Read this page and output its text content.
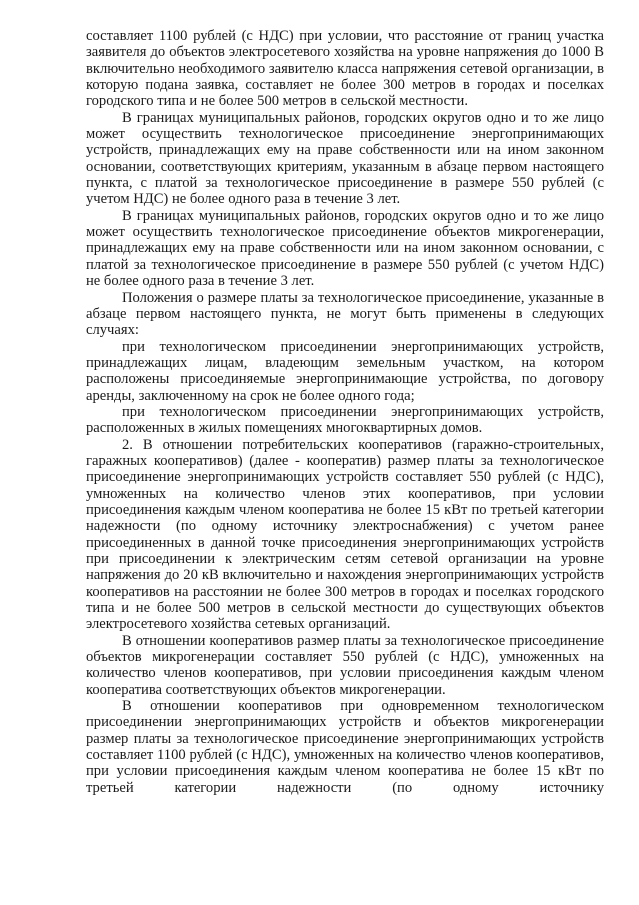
составляет 1100 рублей (с НДС) при условии, что расстояние от границ участка заявителя до объектов электросетевого хозяйства на уровне напряжения до 1000 В включительно необходимого заявителю класса напряжения сетевой организации, в которую подана заявка, составляет не более 300 метров в городах и поселках городского типа и не более 500 метров в сельской местности.

В границах муниципальных районов, городских округов одно и то же лицо может осуществить технологическое присоединение энергопринимающих устройств, принадлежащих ему на праве собственности или на ином законном основании, соответствующих критериям, указанным в абзаце первом настоящего пункта, с платой за технологическое присоединение в размере 550 рублей (с учетом НДС) не более одного раза в течение 3 лет.

В границах муниципальных районов, городских округов одно и то же лицо может осуществить технологическое присоединение объектов микрогенерации, принадлежащих ему на праве собственности или на ином законном основании, с платой за технологическое присоединение в размере 550 рублей (с учетом НДС) не более одного раза в течение 3 лет.

Положения о размере платы за технологическое присоединение, указанные в абзаце первом настоящего пункта, не могут быть применены в следующих случаях:

при технологическом присоединении энергопринимающих устройств, принадлежащих лицам, владеющим земельным участком, на котором расположены присоединяемые энергопринимающие устройства, по договору аренды, заключенному на срок не более одного года;

при технологическом присоединении энергопринимающих устройств, расположенных в жилых помещениях многоквартирных домов.

2. В отношении потребительских кооперативов (гаражно-строительных, гаражных кооперативов) (далее - кооператив) размер платы за технологическое присоединение энергопринимающих устройств составляет 550 рублей (с НДС), умноженных на количество членов этих кооперативов, при условии присоединения каждым членом кооператива не более 15 кВт по третьей категории надежности (по одному источнику электроснабжения) с учетом ранее присоединенных в данной точке присоединения энергопринимающих устройств при присоединении к электрическим сетям сетевой организации на уровне напряжения до 20 кВ включительно и нахождения энергопринимающих устройств кооперативов на расстоянии не более 300 метров в городах и поселках городского типа и не более 500 метров в сельской местности до существующих объектов электросетевого хозяйства сетевых организаций.

В отношении кооперативов размер платы за технологическое присоединение объектов микрогенерации составляет 550 рублей (с НДС), умноженных на количество членов кооперативов, при условии присоединения каждым членом кооператива соответствующих объектов микрогенерации.

В отношении кооперативов при одновременном технологическом присоединении энергопринимающих устройств и объектов микрогенерации размер платы за технологическое присоединение энергопринимающих устройств составляет 1100 рублей (с НДС), умноженных на количество членов кооперативов, при условии присоединения каждым членом кооператива не более 15 кВт по третьей категории надежности (по одному источнику
